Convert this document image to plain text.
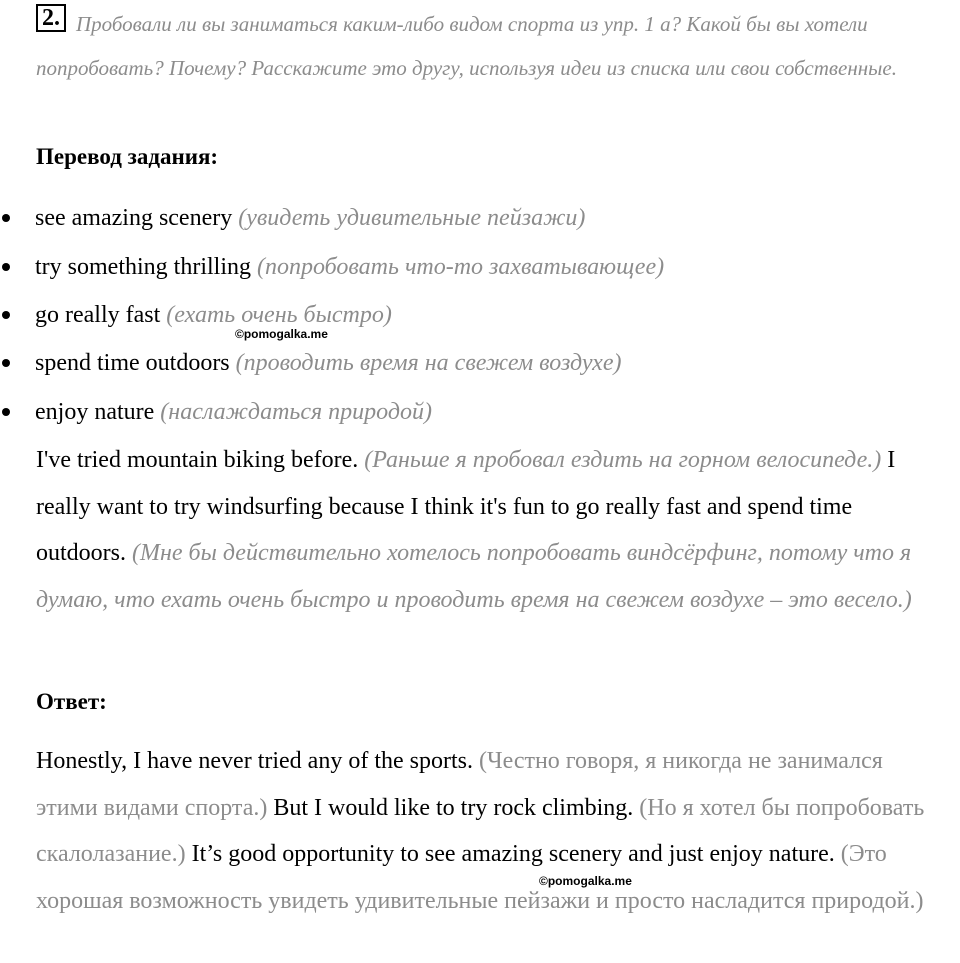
2. Пробовали ли вы заниматься каким-либо видом спорта из упр. 1 а? Какой бы вы хотели попробовать? Почему? Расскажите это другу, используя идеи из списка или свои собственные.
Перевод задания:
see amazing scenery (увидеть удивительные пейзажи)
try something thrilling (попробовать что-то захватывающее)
go really fast (ехать очень быстро)
spend time outdoors (проводить время на свежем воздухе)
enjoy nature (наслаждаться природой)
©pomogalka.me
I've tried mountain biking before. (Раньше я пробовал ездить на горном велосипеде.) I really want to try windsurfing because I think it's fun to go really fast and spend time outdoors. (Мне бы действительно хотелось попробовать виндсёрфинг, потому что я думаю, что ехать очень быстро и проводить время на свежем воздухе – это весело.)
Ответ:
Honestly, I have never tried any of the sports. (Честно говоря, я никогда не занимался этими видами спорта.) But I would like to try rock climbing. (Но я хотел бы попробовать скалолазание.) It’s good opportunity to see amazing scenery and just enjoy nature. (Это хорошая возможность увидеть удивительные пейзажи и просто насладится природой.)
©pomogalka.me
